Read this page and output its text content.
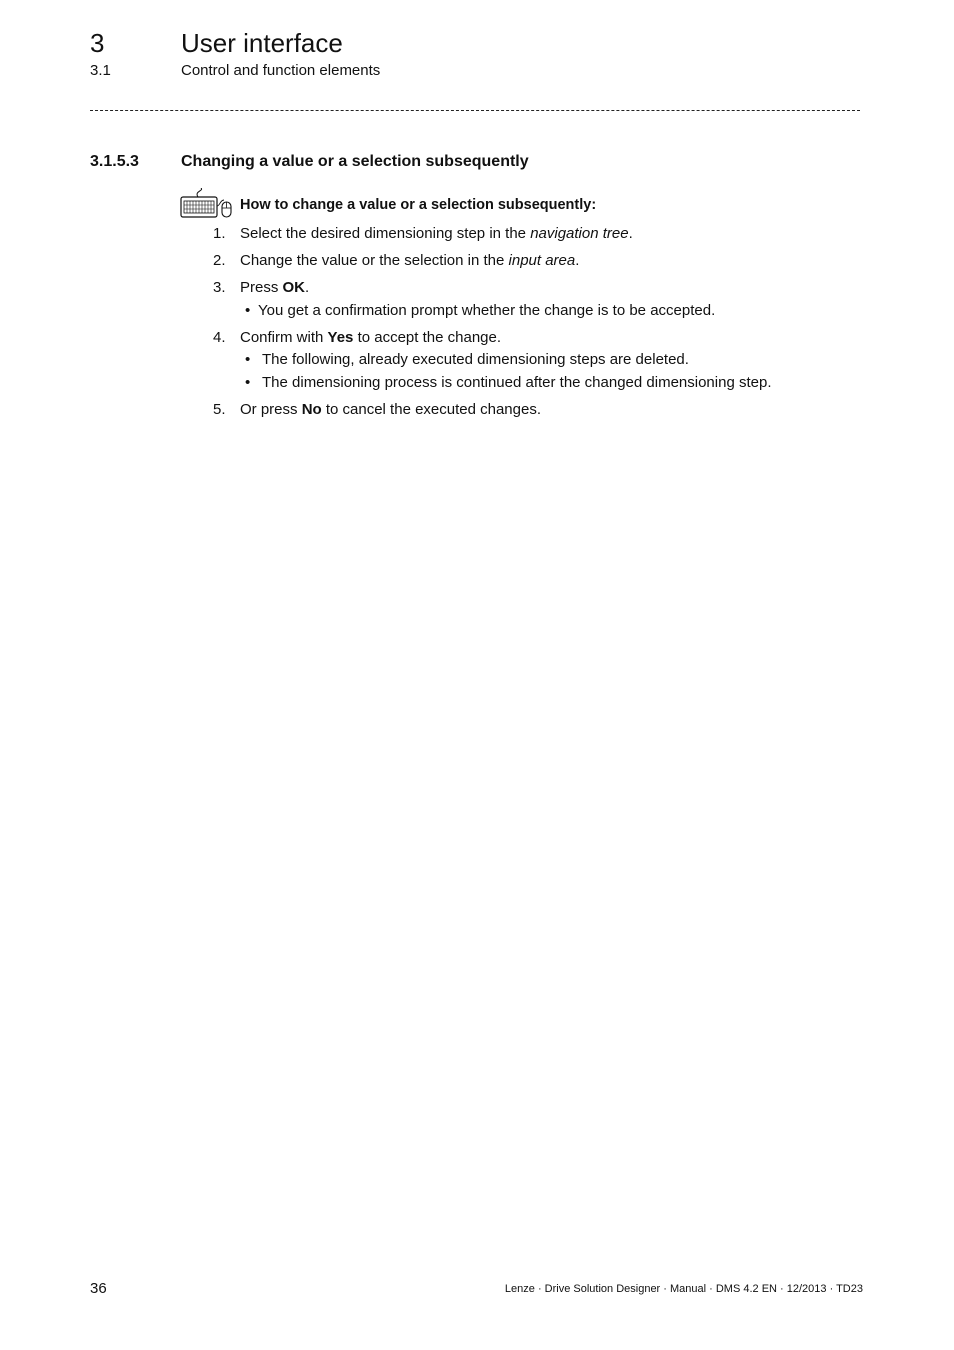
3	User interface
3.1	Control and function elements
3.1.5.3	Changing a value or a selection subsequently
How to change a value or a selection subsequently:
1. Select the desired dimensioning step in the navigation tree.
2. Change the value or the selection in the input area.
3. Press OK.
• You get a confirmation prompt whether the change is to be accepted.
4. Confirm with Yes to accept the change.
• The following, already executed dimensioning steps are deleted.
• The dimensioning process is continued after the changed dimensioning step.
5. Or press No to cancel the executed changes.
36	Lenze · Drive Solution Designer · Manual · DMS 4.2 EN · 12/2013 · TD23
